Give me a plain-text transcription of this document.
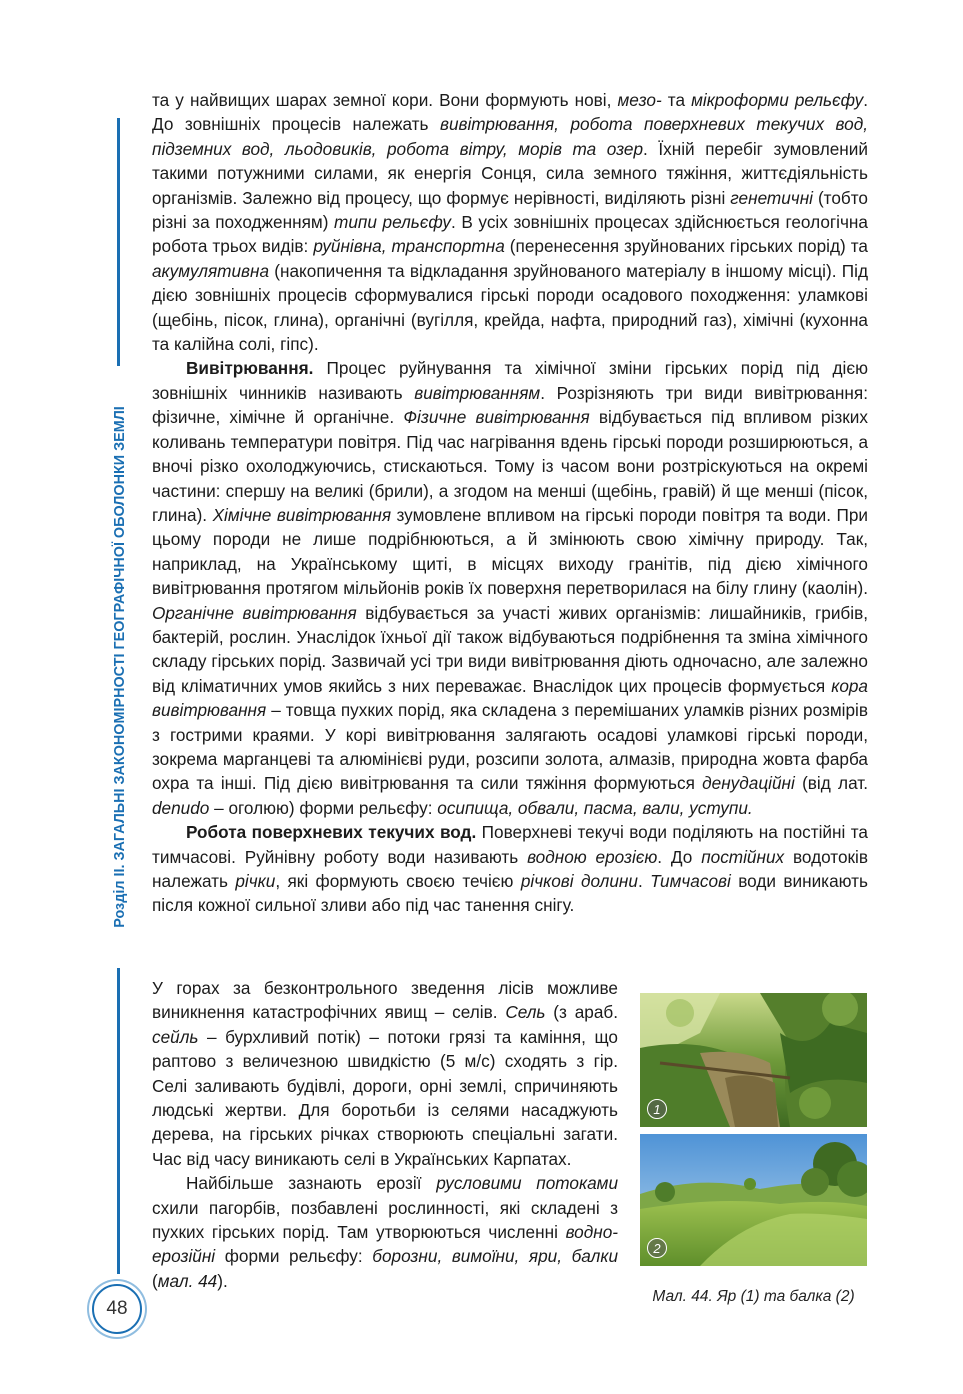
Розділ ІІ. ЗАГАЛЬНІ ЗАКОНОМІРНОСТІ ГЕОГРАФІЧНОЇ ОБОЛОНКИ ЗЕМЛІ

та у найвищих шарах земної кори. Вони формують нові, мезо- та мікроформи рельєфу. До зовнішніх процесів належать вивітрювання, робота поверхневих текучих вод, підземних вод, льодовиків, робота вітру, морів та озер. Їхній перебіг зумовлений такими потужними силами, як енергія Сонця, сила земного тяжіння, життєдіяльність організмів. Залежно від процесу, що формує нерівності, виділяють різні генетичні (тобто різні за походженням) типи рельєфу. В усіх зовнішніх процесах здійснюється геологічна робота трьох видів: руйнівна, транспортна (перенесення зруйнованих гірських порід) та акумулятивна (накопичення та відкладання зруйнованого матеріалу в іншому місці). Під дією зовнішніх процесів сформувалися гірські породи осадового походження: уламкові (щебінь, пісок, глина), органічні (вугілля, крейда, нафта, природний газ), хімічні (кухонна та калійна солі, гіпс).

Вивітрювання. Процес руйнування та хімічної зміни гірських порід під дією зовнішніх чинників називають вивітрюванням. Розрізняють три види вивітрювання: фізичне, хімічне й органічне. Фізичне вивітрювання відбувається під впливом різких коливань температури повітря. Під час нагрівання вдень гірські породи розширюються, а вночі різко охолоджуючись, стискаються. Тому із часом вони розтріскуються на окремі частини: спершу на великі (брили), а згодом на менші (щебінь, гравій) й ще менші (пісок, глина). Хімічне вивітрювання зумовлене впливом на гірські породи повітря та води. При цьому породи не лише подрібнюються, а й змінюють свою хімічну природу. Так, наприклад, на Українському щиті, в місцях виходу гранітів, під дією хімічного вивітрювання протягом мільйонів років їх поверхня перетворилася на білу глину (каолін). Органічне вивітрювання відбувається за участі живих організмів: лишайників, грибів, бактерій, рослин. Унаслідок їхньої дії також відбуваються подрібнення та зміна хімічного складу гірських порід. Зазвичай усі три види вивітрювання діють одночасно, але залежно від кліматичних умов якийсь з них переважає. Внаслідок цих процесів формується кора вивітрювання – товща пухких порід, яка складена з перемішаних уламків різних розмірів з гострими краями. У корі вивітрювання залягають осадові уламкові гірські породи, зокрема марганцеві та алюмінієві руди, розсипи золота, алмазів, природна жовта фарба охра та інші. Під дією вивітрювання та сили тяжіння формуються денудаційні (від лат. denudo – оголюю) форми рельєфу: осипища, обвали, пасма, вали, уступи.

Робота поверхневих текучих вод. Поверхневі текучі води поділяють на постійні та тимчасові. Руйнівну роботу води називають водною ерозією. До постійних водотоків належать річки, які формують своєю течією річкові долини. Тимчасові води виникають після кожної сильної зливи або під час танення снігу.

У горах за безконтрольного зведення лісів можливе виникнення катастрофічних явищ – селів. Сель (з араб. сейль – бурхливий потік) – потоки грязі та каміння, що раптово з величезною швидкістю (5 м/с) сходять з гір. Селі заливають будівлі, дороги, орні землі, спричиняють людські жертви. Для боротьби із селями насаджують дерева, на гірських річках створюють спеціальні загати. Час від часу виникають селі в Українських Карпатах.

Найбільше зазнають ерозії русловими потоками схили пагорбів, позбавлені рослинності, які складені з пухких гірських порід. Там утворюються численні водно-ерозійні форми рельєфу: борозни, вимоїни, яри, балки (мал. 44).

1
2
Мал. 44. Яр (1) та балка (2)
48
